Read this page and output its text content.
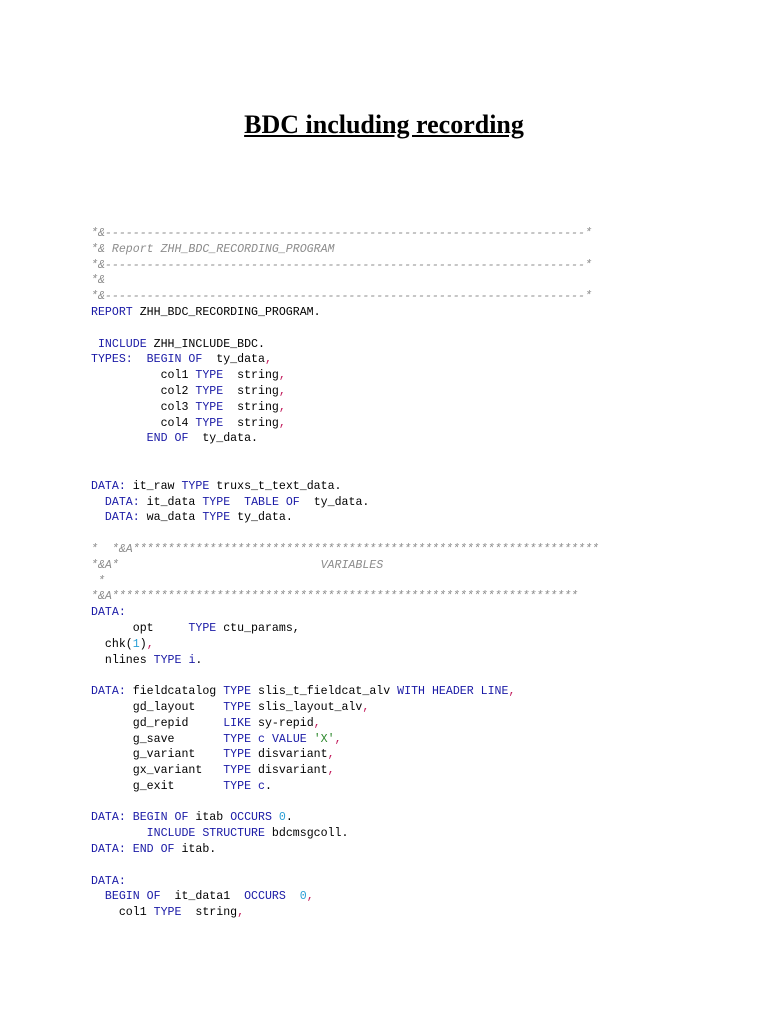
BDC including recording
*&---------------------------------------------------------------------*
*& Report ZHH_BDC_RECORDING_PROGRAM
*&---------------------------------------------------------------------*
*&
*&---------------------------------------------------------------------*
REPORT ZHH_BDC_RECORDING_PROGRAM.
INCLUDE ZHH_INCLUDE_BDC.
TYPES: BEGIN OF  ty_data,
col1 TYPE  string,
col2 TYPE  string,
col3 TYPE  string,
col4 TYPE  string,
END OF  ty_data.
DATA: it_raw TYPE truxs_t_text_data.
DATA: it_data TYPE TABLE OF  ty_data.
DATA: wa_data TYPE ty_data.
*  *&A*******************************************************************
*&A*                             VARIABLES
*
*&A*******************************************************************
DATA:
opt     TYPE ctu_params,
chk(1),
nlines TYPE i.
DATA: fieldcatalog TYPE slis_t_fieldcat_alv WITH HEADER LINE,
gd_layout    TYPE slis_layout_alv,
gd_repid     LIKE sy-repid,
g_save       TYPE c VALUE 'X',
g_variant    TYPE disvariant,
gx_variant   TYPE disvariant,
g_exit       TYPE c.
DATA: BEGIN OF itab OCCURS 0.
INCLUDE STRUCTURE bdcmsgcoll.
DATA: END OF itab.
DATA:
BEGIN OF  it_data1  OCCURS 0,
col1 TYPE  string,
